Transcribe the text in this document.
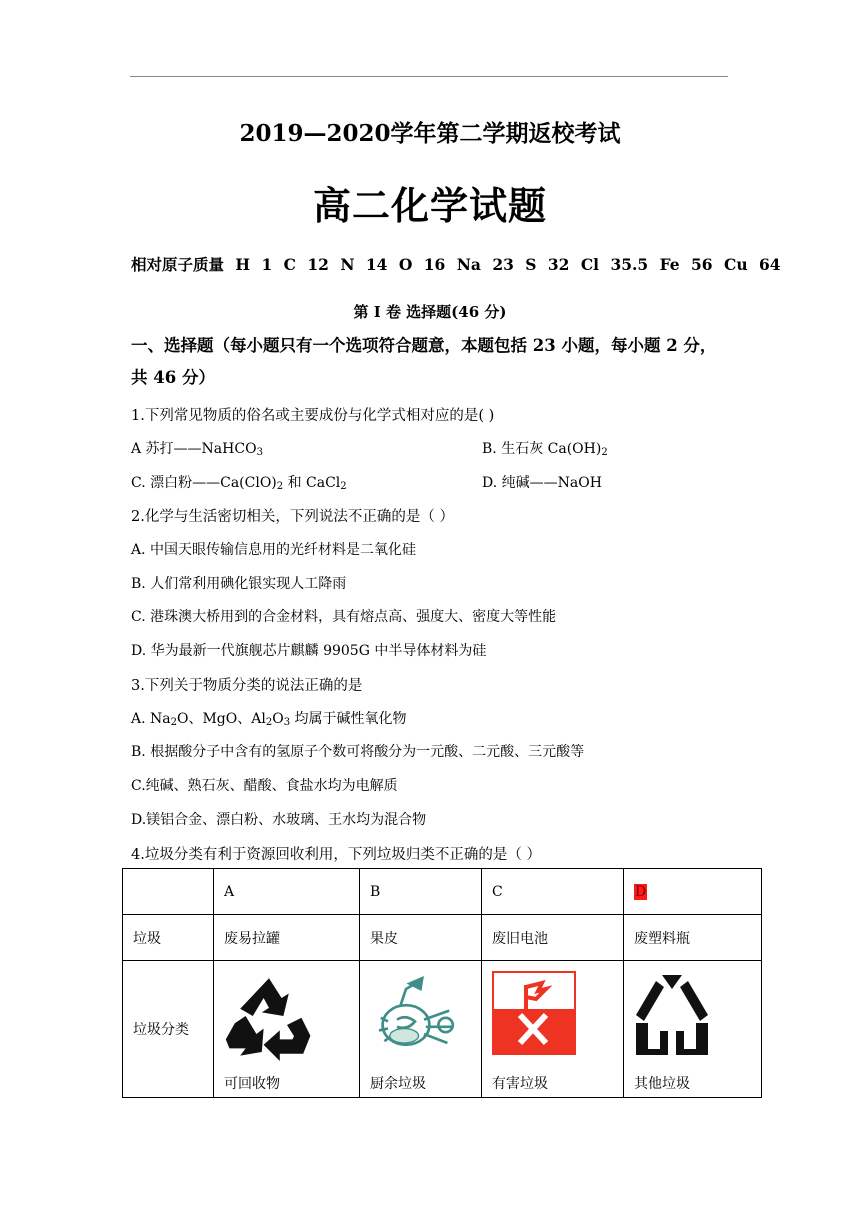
2019—2020学年第二学期返校考试
高二化学试题
相对原子质量 H 1 C 12 N 14 O 16 Na 23 S 32 Cl 35.5 Fe 56 Cu 64
第 I 卷 选择题(46 分)
一、选择题（每小题只有一个选项符合题意，本题包括 23 小题，每小题 2 分，
共 46 分）
1.下列常见物质的俗名或主要成份与化学式相对应的是( )
A 苏打——NaHCO$_3$	B. 生石灰 $Ca(OH)_2$
C. 漂白粉$——Ca(ClO)_2$ 和 CaCl$_2$	D. 纯碱——NaOH
2.化学与生活密切相关，下列说法不正确的是（ ）
A. 中国天眼传输信息用的光纤材料是二氧化硅
B. 人们常利用碘化银实现人工降雨
C. 港珠澳大桥用到的合金材料，具有熔点高、强度大、密度大等性能
D. 华为最新一代旗舰芯片麒麟 9905G 中半导体材料为硅
3.下列关于物质分类的说法正确的是
A. $Na_2O$、MgO、$Al_2O_3$ 均属于碱性氧化物
B. 根据酸分子中含有的氢原子个数可将酸分为一元酸、二元酸、三元酸等
C.纯碱、熟石灰、醋酸、食盐水均为电解质
D.镁铝合金、漂白粉、水玻璃、王水均为混合物
4.垃圾分类有利于资源回收利用，下列垃圾归类不正确的是（ ）
	A	B	C	D
垃圾	废易拉罐	果皮	废旧电池	废塑料瓶
垃圾分类	可回收物	厨余垃圾	有害垃圾	其他垃圾
